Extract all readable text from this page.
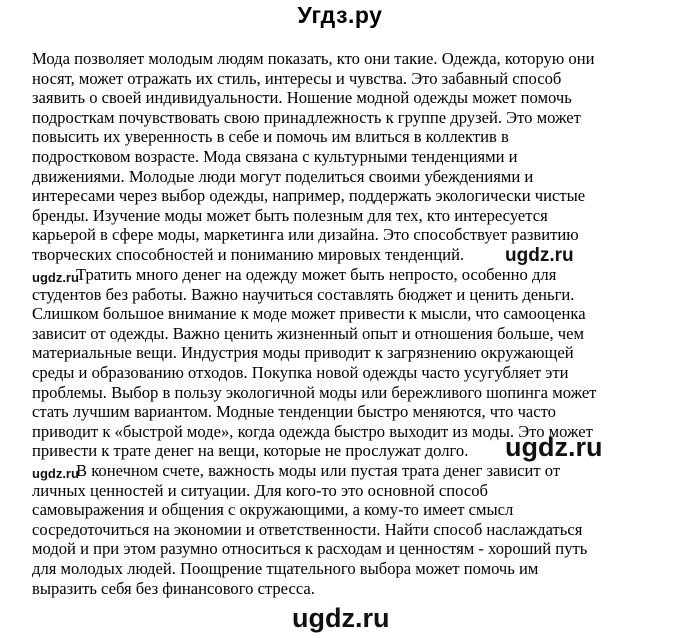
Угдз.ру
Мода позволяет молодым людям показать, кто они такие. Одежда, которую они
носят, может отражать их стиль, интересы и чувства. Это забавный способ
заявить о своей индивидуальности. Ношение модной одежды может помочь
подросткам почувствовать свою принадлежность к группе друзей. Это может
повысить их уверенность в себе и помочь им влиться в коллектив в
подростковом возрасте. Мода связана с культурными тенденциями и
движениями. Молодые люди могут поделиться своими убеждениями и
интересами через выбор одежды, например, поддержать экологически чистые
бренды. Изучение моды может быть полезным для тех, кто интересуется
карьерой в сфере моды, маркетинга или дизайна. Это способствует развитию
творческих способностей и пониманию мировых тенденций.
Тратить много денег на одежду может быть непросто, особенно для
студентов без работы. Важно научиться составлять бюджет и ценить деньги.
Слишком большое внимание к моде может привести к мысли, что самооценка
зависит от одежды. Важно ценить жизненный опыт и отношения больше, чем
материальные вещи. Индустрия моды приводит к загрязнению окружающей
среды и образованию отходов. Покупка новой одежды часто усугубляет эти
проблемы. Выбор в пользу экологичной моды или бережливого шопинга может
стать лучшим вариантом. Модные тенденции быстро меняются, что часто
приводит к «быстрой моде», когда одежда быстро выходит из моды. Это может
привести к трате денег на вещи, которые не прослужат долго.
В конечном счете, важность моды или пустая трата денег зависит от
личных ценностей и ситуации. Для кого-то это основной способ
самовыражения и общения с окружающими, а кому-то имеет смысл
сосредоточиться на экономии и ответственности. Найти способ наслаждаться
модой и при этом разумно относиться к расходам и ценностям - хороший путь
для молодых людей. Поощрение тщательного выбора может помочь им
выразить себя без финансового стресса.
ugdz.ru
ugdz.ru
ugdz.ru
ugdz.ru
ugdz.ru
